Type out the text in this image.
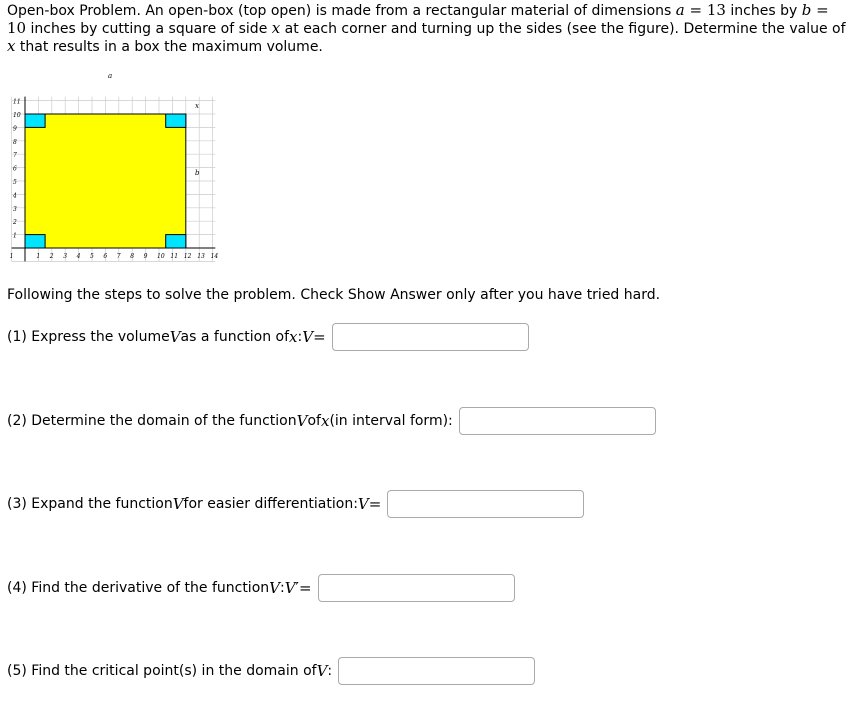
Open-box Problem. An open-box (top open) is made from a rectangular material of dimensions a = 13 inches by b = 10 inches by cutting a square of side x at each corner and turning up the sides (see the figure). Determine the value of x that results in a box the maximum volume.
1	1 2 3 4 5 6 7 8 9 10 11 12 13 14
11
10
9
8
7
6
5
4
3
2
1
a
x
b
Following the steps to solve the problem. Check Show Answer only after you have tried hard.
(1) Express the volume V as a function of x : V =
(2) Determine the domain of the function V of x (in interval form):
(3) Expand the function V for easier differentiation: V =
(4) Find the derivative of the function V : V ′ =
(5) Find the critical point(s) in the domain of V :
